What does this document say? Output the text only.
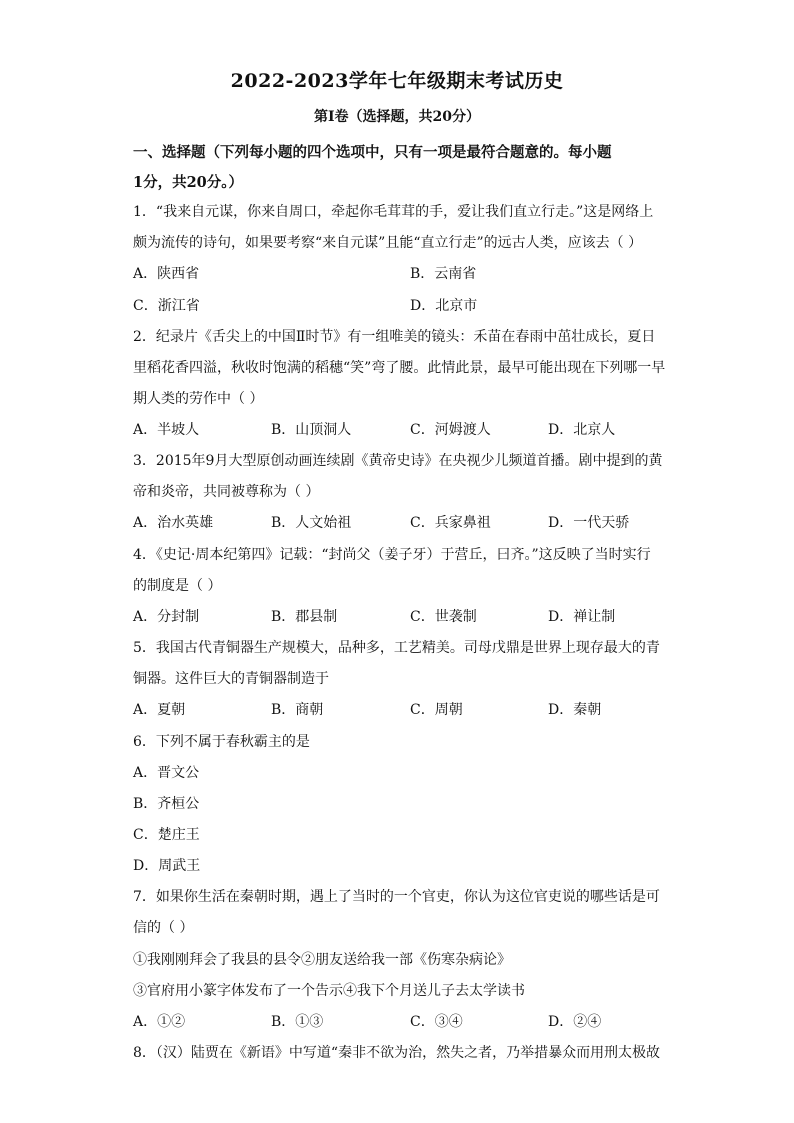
2022-2023学年七年级期末考试历史
第I卷（选择题，共20分）
一、选择题（下列每小题的四个选项中，只有一项是最符合题意的。每小题
1分，共20分。）
1．“我来自元谋，你来自周口，牵起你毛茸茸的手，爱让我们直立行走。”这是网络上
颇为流传的诗句，如果要考察“来自元谋”且能“直立行走”的远古人类，应该去（ ）
A．陕西省	B．云南省
C．浙江省	D．北京市
2．纪录片《舌尖上的中国Ⅱ时节》有一组唯美的镜头：禾苗在春雨中茁壮成长，夏日
里稻花香四溢，秋收时饱满的稻穗“笑”弯了腰。此情此景，最早可能出现在下列哪一早
期人类的劳作中（ ）
A．半坡人	B．山顶洞人	C．河姆渡人	D．北京人
3．2015年9月大型原创动画连续剧《黄帝史诗》在央视少儿频道首播。剧中提到的黄
帝和炎帝，共同被尊称为（ ）
A．治水英雄	B．人文始祖	C．兵家鼻祖	D．一代天骄
4．《史记·周本纪第四》记载：“封尚父（姜子牙）于营丘，曰齐。”这反映了当时实行
的制度是（ ）
A．分封制	B．郡县制	C．世袭制	D．禅让制
5．我国古代青铜器生产规模大，品种多，工艺精美。司母戊鼎是世界上现存最大的青
铜器。这件巨大的青铜器制造于
A．夏朝	B．商朝	C．周朝	D．秦朝
6．下列不属于春秋霸主的是
A．晋文公
B．齐桓公
C．楚庄王
D．周武王
7．如果你生活在秦朝时期，遇上了当时的一个官吏，你认为这位官吏说的哪些话是可
信的（ ）
①我刚刚拜会了我县的县令②朋友送给我一部《伤寒杂病论》
③官府用小篆字体发布了一个告示④我下个月送儿子去太学读书
A．①②	B．①③	C．③④	D．②④
8．（汉）陆贾在《新语》中写道“秦非不欲为治，然失之者，乃举措暴众而用刑太极故
